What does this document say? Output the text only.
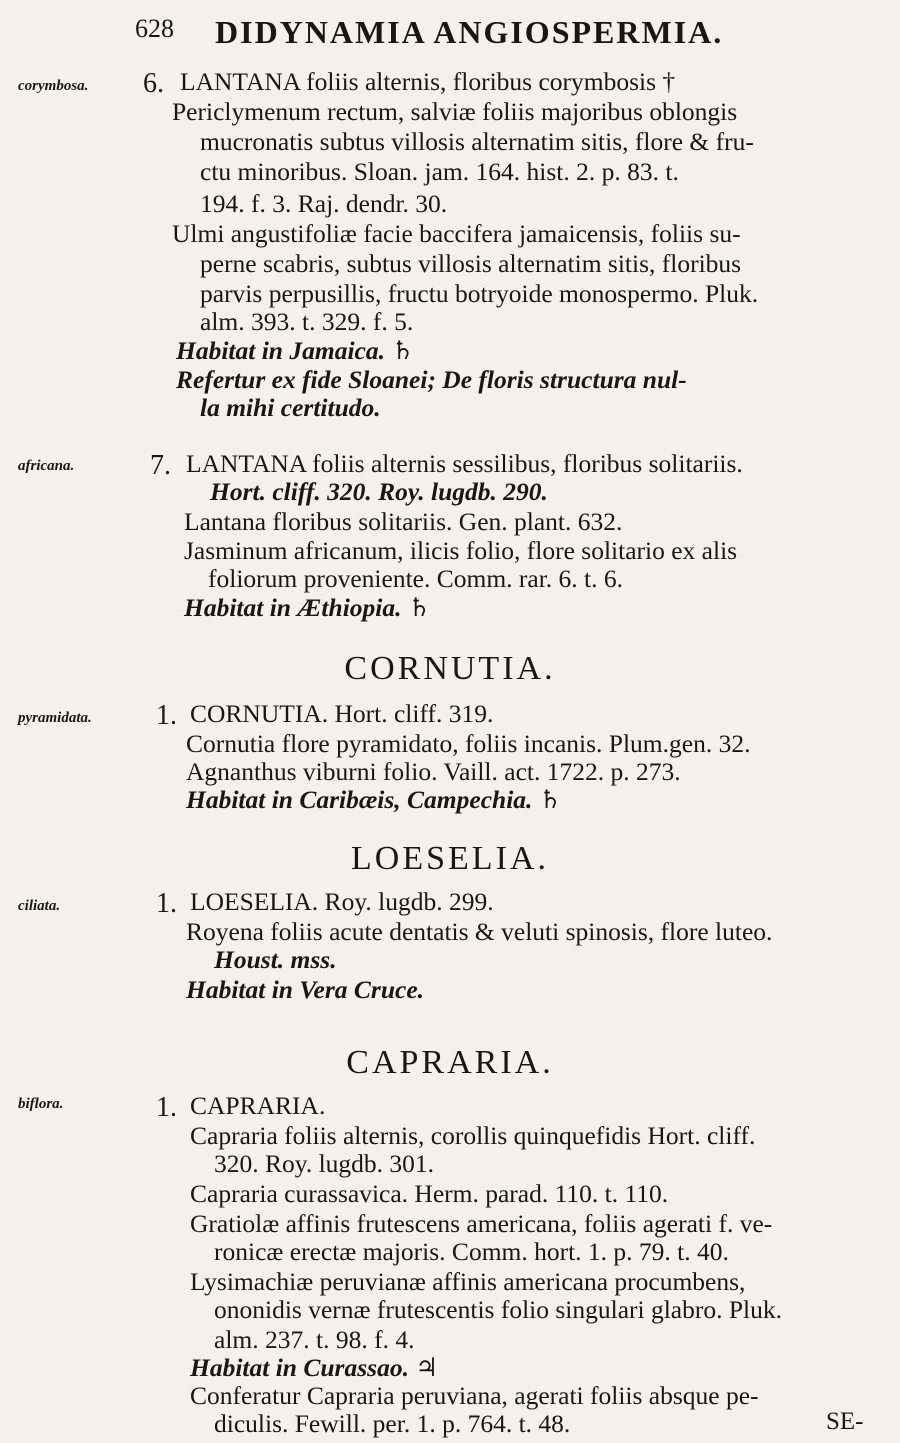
628 DIDYNAMIA ANGIOSPERMIA.
corymbosa. 6. LANTANA foliis alternis, floribus corymbosis †
Periclymenum rectum, salviæ foliis majoribus oblongis
mucronatis subtus villosis alternatim sitis, flore & fru-
ctu minoribus. Sloan. jam. 164. hist. 2. p. 83. t.
194. f. 3. Raj. dendr. 30.
Ulmi angustifoliæ facie baccifera jamaicensis, foliis su-
perne scabris, subtus villosis alternatim sitis, floribus
parvis perpusillis, fructu botryoide monospermo. Pluk.
alm. 393. t. 329. f. 5.
Habitat in Jamaica. ♄
Refertur ex fide Sloanei; De floris structura nul-
la mihi certitudo.
africana.	7. LANTANA foliis alternis sessilibus, floribus solitariis.
Hort. cliff. 320. Roy. lugdb. 290.
Lantana floribus solitariis. Gen. plant. 632.
Jasminum africanum, ilicis folio, flore solitario ex alis
foliorum proveniente. Comm. rar. 6. t. 6.
Habitat in Æthiopia. ♄
CORNUTIA.
pyramidata. 1. CORNUTIA. Hort. cliff. 319.
Cornutia flore pyramidato, foliis incanis. Plum.gen. 32.
Agnanthus viburni folio. Vaill. act. 1722. p. 273.
Habitat in Caribæis, Campechia. ♄
LOESELIA.
ciliata.	1. LOESELIA. Roy. lugdb. 299.
Royena foliis acute dentatis & veluti spinosis, flore luteo.
Houst. mss.
Habitat in Vera Cruce.
CAPRARIA.
biflora.	1. CAPRARIA.
Capraria foliis alternis, corollis quinquefidis Hort. cliff.
320. Roy. lugdb. 301.
Capraria curassavica. Herm. parad. 110. t. 110.
Gratiolæ affinis frutescens americana, foliis agerati f. ve-
ronicæ erectæ majoris. Comm. hort. 1. p. 79. t. 40.
Lysimachiæ peruvianæ affinis americana procumbens,
ononidis vernæ frutescentis folio singulari glabro. Pluk.
alm. 237. t. 98. f. 4.
Habitat in Curassao. ♃
Conferatur Capraria peruviana, agerati foliis absque pe-
diculis. Fewill. per. 1. p. 764. t. 48.	SE-
